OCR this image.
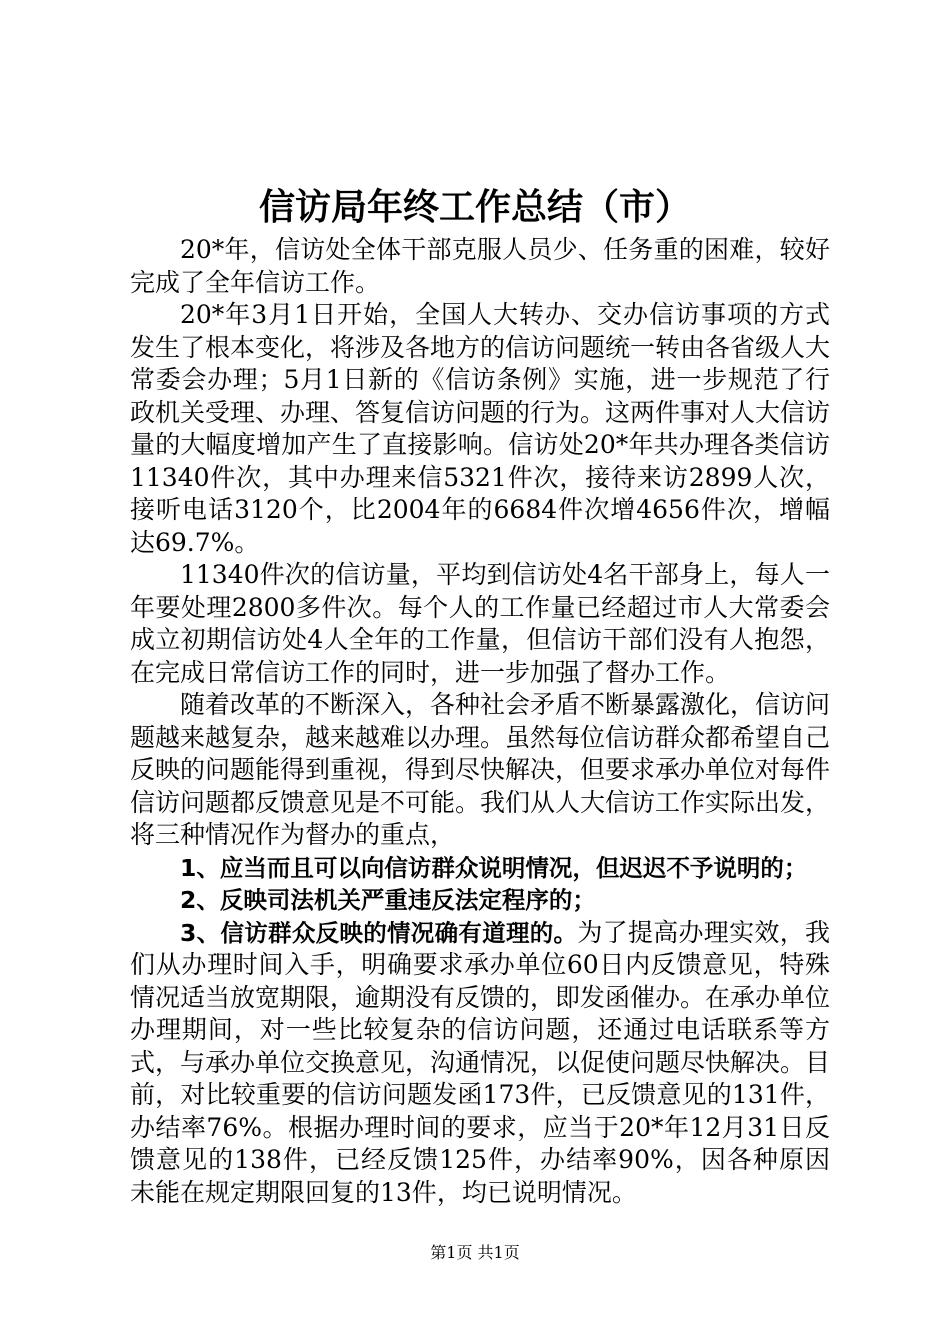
信访局年终工作总结（市）

20*年，信访处全体干部克服人员少、任务重的困难，较好完成了全年信访工作。

20*年3月1日开始，全国人大转办、交办信访事项的方式发生了根本变化，将涉及各地方的信访问题统一转由各省级人大常委会办理；5月1日新的《信访条例》实施，进一步规范了行政机关受理、办理、答复信访问题的行为。这两件事对人大信访量的大幅度增加产生了直接影响。信访处20*年共办理各类信访11340件次，其中办理来信5321件次，接待来访2899人次，接听电话3120个，比2004年的6684件次增4656件次，增幅达69.7%。

11340件次的信访量，平均到信访处4名干部身上，每人一年要处理2800多件次。每个人的工作量已经超过市人大常委会成立初期信访处4人全年的工作量，但信访干部们没有人抱怨，在完成日常信访工作的同时，进一步加强了督办工作。

随着改革的不断深入，各种社会矛盾不断暴露激化，信访问题越来越复杂，越来越难以办理。虽然每位信访群众都希望自己反映的问题能得到重视，得到尽快解决，但要求承办单位对每件信访问题都反馈意见是不可能。我们从人大信访工作实际出发，将三种情况作为督办的重点，

1、应当而且可以向信访群众说明情况，但迟迟不予说明的；

2、反映司法机关严重违反法定程序的；

3、信访群众反映的情况确有道理的。为了提高办理实效，我们从办理时间入手，明确要求承办单位60日内反馈意见，特殊情况适当放宽期限，逾期没有反馈的，即发函催办。在承办单位办理期间，对一些比较复杂的信访问题，还通过电话联系等方式，与承办单位交换意见，沟通情况，以促使问题尽快解决。目前，对比较重要的信访问题发函173件，已反馈意见的131件，办结率76%。根据办理时间的要求，应当于20*年12月31日反馈意见的138件，已经反馈125件，办结率90%，因各种原因未能在规定期限回复的13件，均已说明情况。

第1页 共1页
